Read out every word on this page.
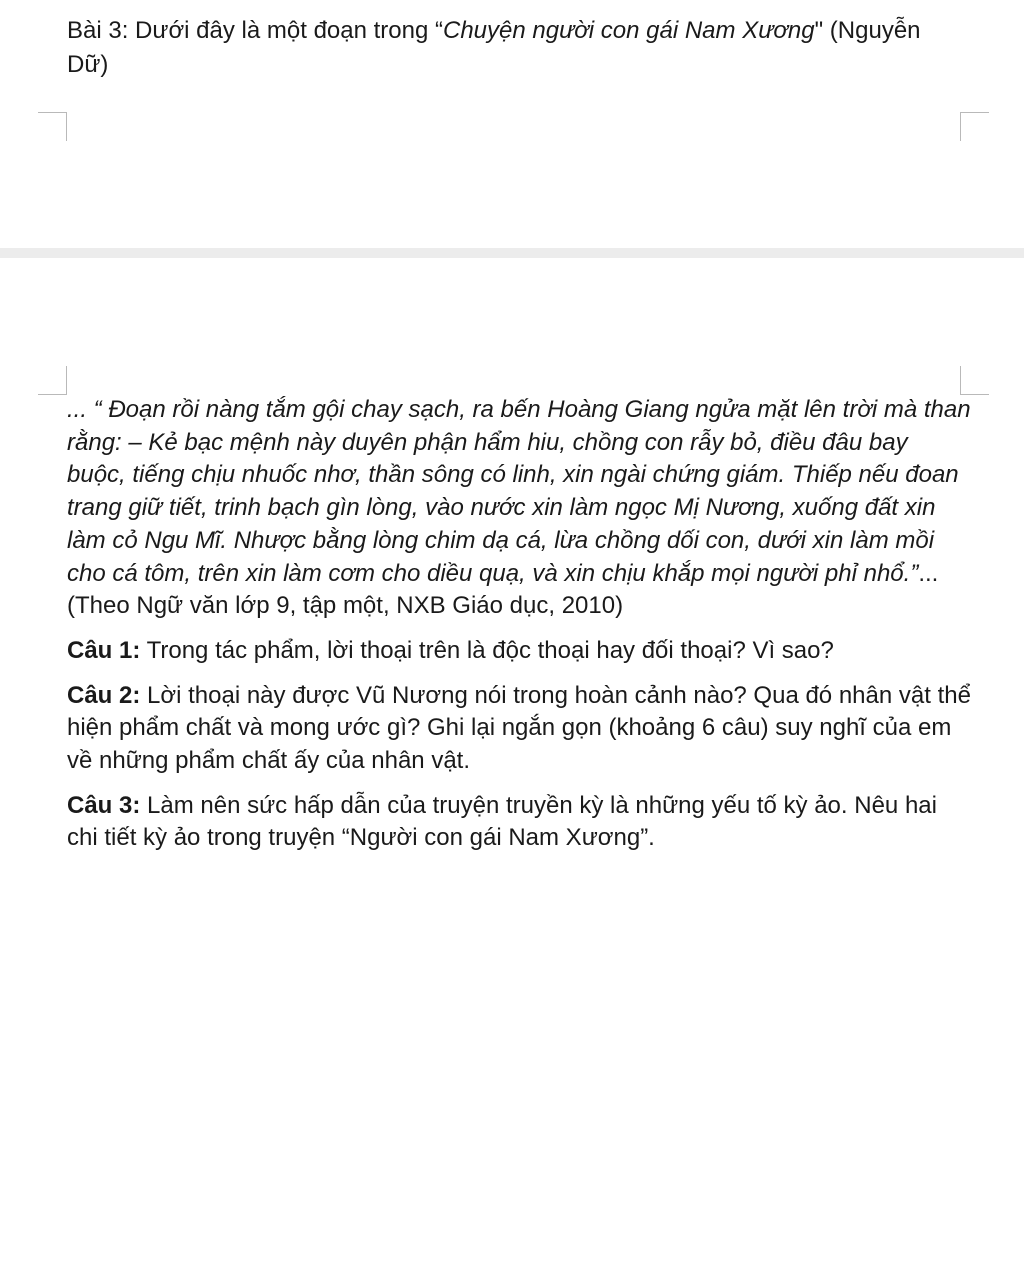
Bài 3: Dưới đây là một đoạn trong “Chuyện người con gái Nam Xương" (Nguyễn Dữ)

... “ Đoạn rồi nàng tắm gội chay sạch, ra bến Hoàng Giang ngửa mặt lên trời mà than rằng: – Kẻ bạc mệnh này duyên phận hẩm hiu, chồng con rẫy bỏ, điều đâu bay buộc, tiếng chịu nhuốc nhơ, thần sông có linh, xin ngài chứng giám. Thiếp nếu đoan trang giữ tiết, trinh bạch gìn lòng, vào nước xin làm ngọc Mị Nương, xuống đất xin làm cỏ Ngu Mĩ. Nhược bằng lòng chim dạ cá, lừa chồng dối con, dưới xin làm mồi cho cá tôm, trên xin làm cơm cho diều quạ, và xin chịu khắp mọi người phỉ nhổ.”...(Theo Ngữ văn lớp 9, tập một, NXB Giáo dục, 2010)

Câu 1: Trong tác phẩm, lời thoại trên là độc thoại hay đối thoại? Vì sao?

Câu 2: Lời thoại này được Vũ Nương nói trong hoàn cảnh nào? Qua đó nhân vật thể hiện phẩm chất và mong ước gì? Ghi lại ngắn gọn (khoảng 6 câu) suy nghĩ của em về những phẩm chất ấy của nhân vật.

Câu 3: Làm nên sức hấp dẫn của truyện truyền kỳ là những yếu tố kỳ ảo. Nêu hai chi tiết kỳ ảo trong truyện “Người con gái Nam Xương”.
